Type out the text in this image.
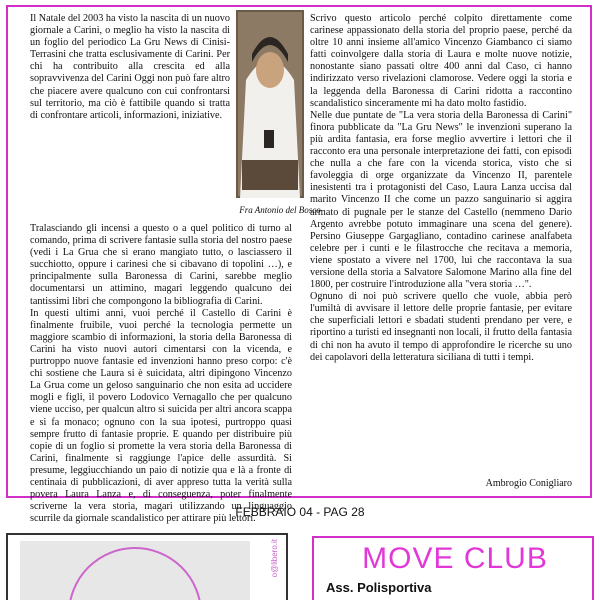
Il Natale del 2003 ha visto la nascita di un nuovo giornale a Carini, o meglio ha visto la nascita di un foglio del periodico La Gru News di Cinisi-Terrasini che tratta esclusivamente di Carini. Per chi ha contribuito alla crescita ed alla sopravvivenza del Carini Oggi non può fare altro che piacere avere qualcuno con cui confrontarsi sul territorio, ma ciò è fattibile quando si tratta di confrontare articoli, informazioni, iniziative.

Fra Antonio del Bosco

Tralasciando gli incensi a questo o a quel politico di turno al comando, prima di scrivere fantasie sulla storia del nostro paese (vedi i La Grua che si erano mangiato tutto, o lasciassero il succhiotto, oppure i carinesi che si cibavano di topolini …), e principalmente sulla Baronessa di Carini, sarebbe meglio documentarsi un attimino, magari leggendo qualcuno dei tantissimi libri che compongono la bibliografia di Carini.

In questi ultimi anni, vuoi perché il Castello di Carini è finalmente fruibile, vuoi perché la tecnologia permette un maggiore scambio di informazioni, la storia della Baronessa di Carini ha visto nuovi autori cimentarsi con la vicenda, e purtroppo nuove fantasie ed invenzioni hanno preso corpo: c'è chi sostiene che Laura si è suicidata, altri dipingono Vincenzo La Grua come un geloso sanguinario che non esita ad uccidere mogli e figli, il povero Lodovico Vernagallo che per qualcuno viene ucciso, per qualcun altro si suicida per altri ancora scappa e si fa monaco; ognuno con la sua ipotesi, purtroppo quasi sempre frutto di fantasie proprie. E quando per distribuire più copie di un foglio si promette la vera storia della Baronessa di Carini, finalmente si raggiunge l'apice delle assurdità. Si presume, leggiucchiando un paio di notizie qua e là a fronte di centinaia di pubblicazioni, di aver appreso tutta la verità sulla povera Laura Lanza e, di conseguenza, poter finalmente scriverne la vera storia, magari utilizzando un linguaggio scurrile da giornale scandalistico per attirare più lettori.

Scrivo questo articolo perché colpito direttamente come carinese appassionato della storia del proprio paese, perché da oltre 10 anni insieme all'amico Vincenzo Giambanco ci siamo fatti coinvolgere dalla storia di Laura e molte nuove notizie, nonostante siano passati oltre 400 anni dal Caso, ci hanno indirizzato verso rivelazioni clamorose. Vedere oggi la storia e la leggenda della Baronessa di Carini ridotta a raccontino scandalistico sinceramente mi ha dato molto fastidio.

Nelle due puntate de "La vera storia della Baronessa di Carini" finora pubblicate da "La Gru News" le invenzioni superano la più ardita fantasia, era forse meglio avvertire i lettori che il racconto era una personale interpretazione dei fatti, con episodi che nulla a che fare con la vicenda storica, visto che si favoleggia di orge organizzate da Vincenzo II, parentele inesistenti tra i protagonisti del Caso, Laura Lanza uccisa dal marito Vincenzo II che come un pazzo sanguinario si aggira armato di pugnale per le stanze del Castello (nemmeno Dario Argento avrebbe potuto immaginare una scena del genere). Persino Giuseppe Gargagliano, contadino carinese analfabeta celebre per i cunti e le filastrocche che recitava a memoria, viene spostato a vivere nel 1700, lui che raccontava la sua versione della storia a Salvatore Salomone Marino alla fine del 1800, per costruire l'introduzione alla "vera storia …".

Ognuno di noi può scrivere quello che vuole, abbia però l'umiltà di avvisare il lettore delle proprie fantasie, per evitare che superficiali lettori e sbadati studenti prendano per vere, e riportino a turisti ed insegnanti non locali, il frutto della fantasia di chi non ha avuto il tempo di approfondire le ricerche su uno dei capolavori della letteratura siciliana di tutti i tempi.

Ambrogio Conigliaro
FEBBRAIO 04 - PAG 28
o@libero.it	MOVE CLUB
Ass. Polisportiva
